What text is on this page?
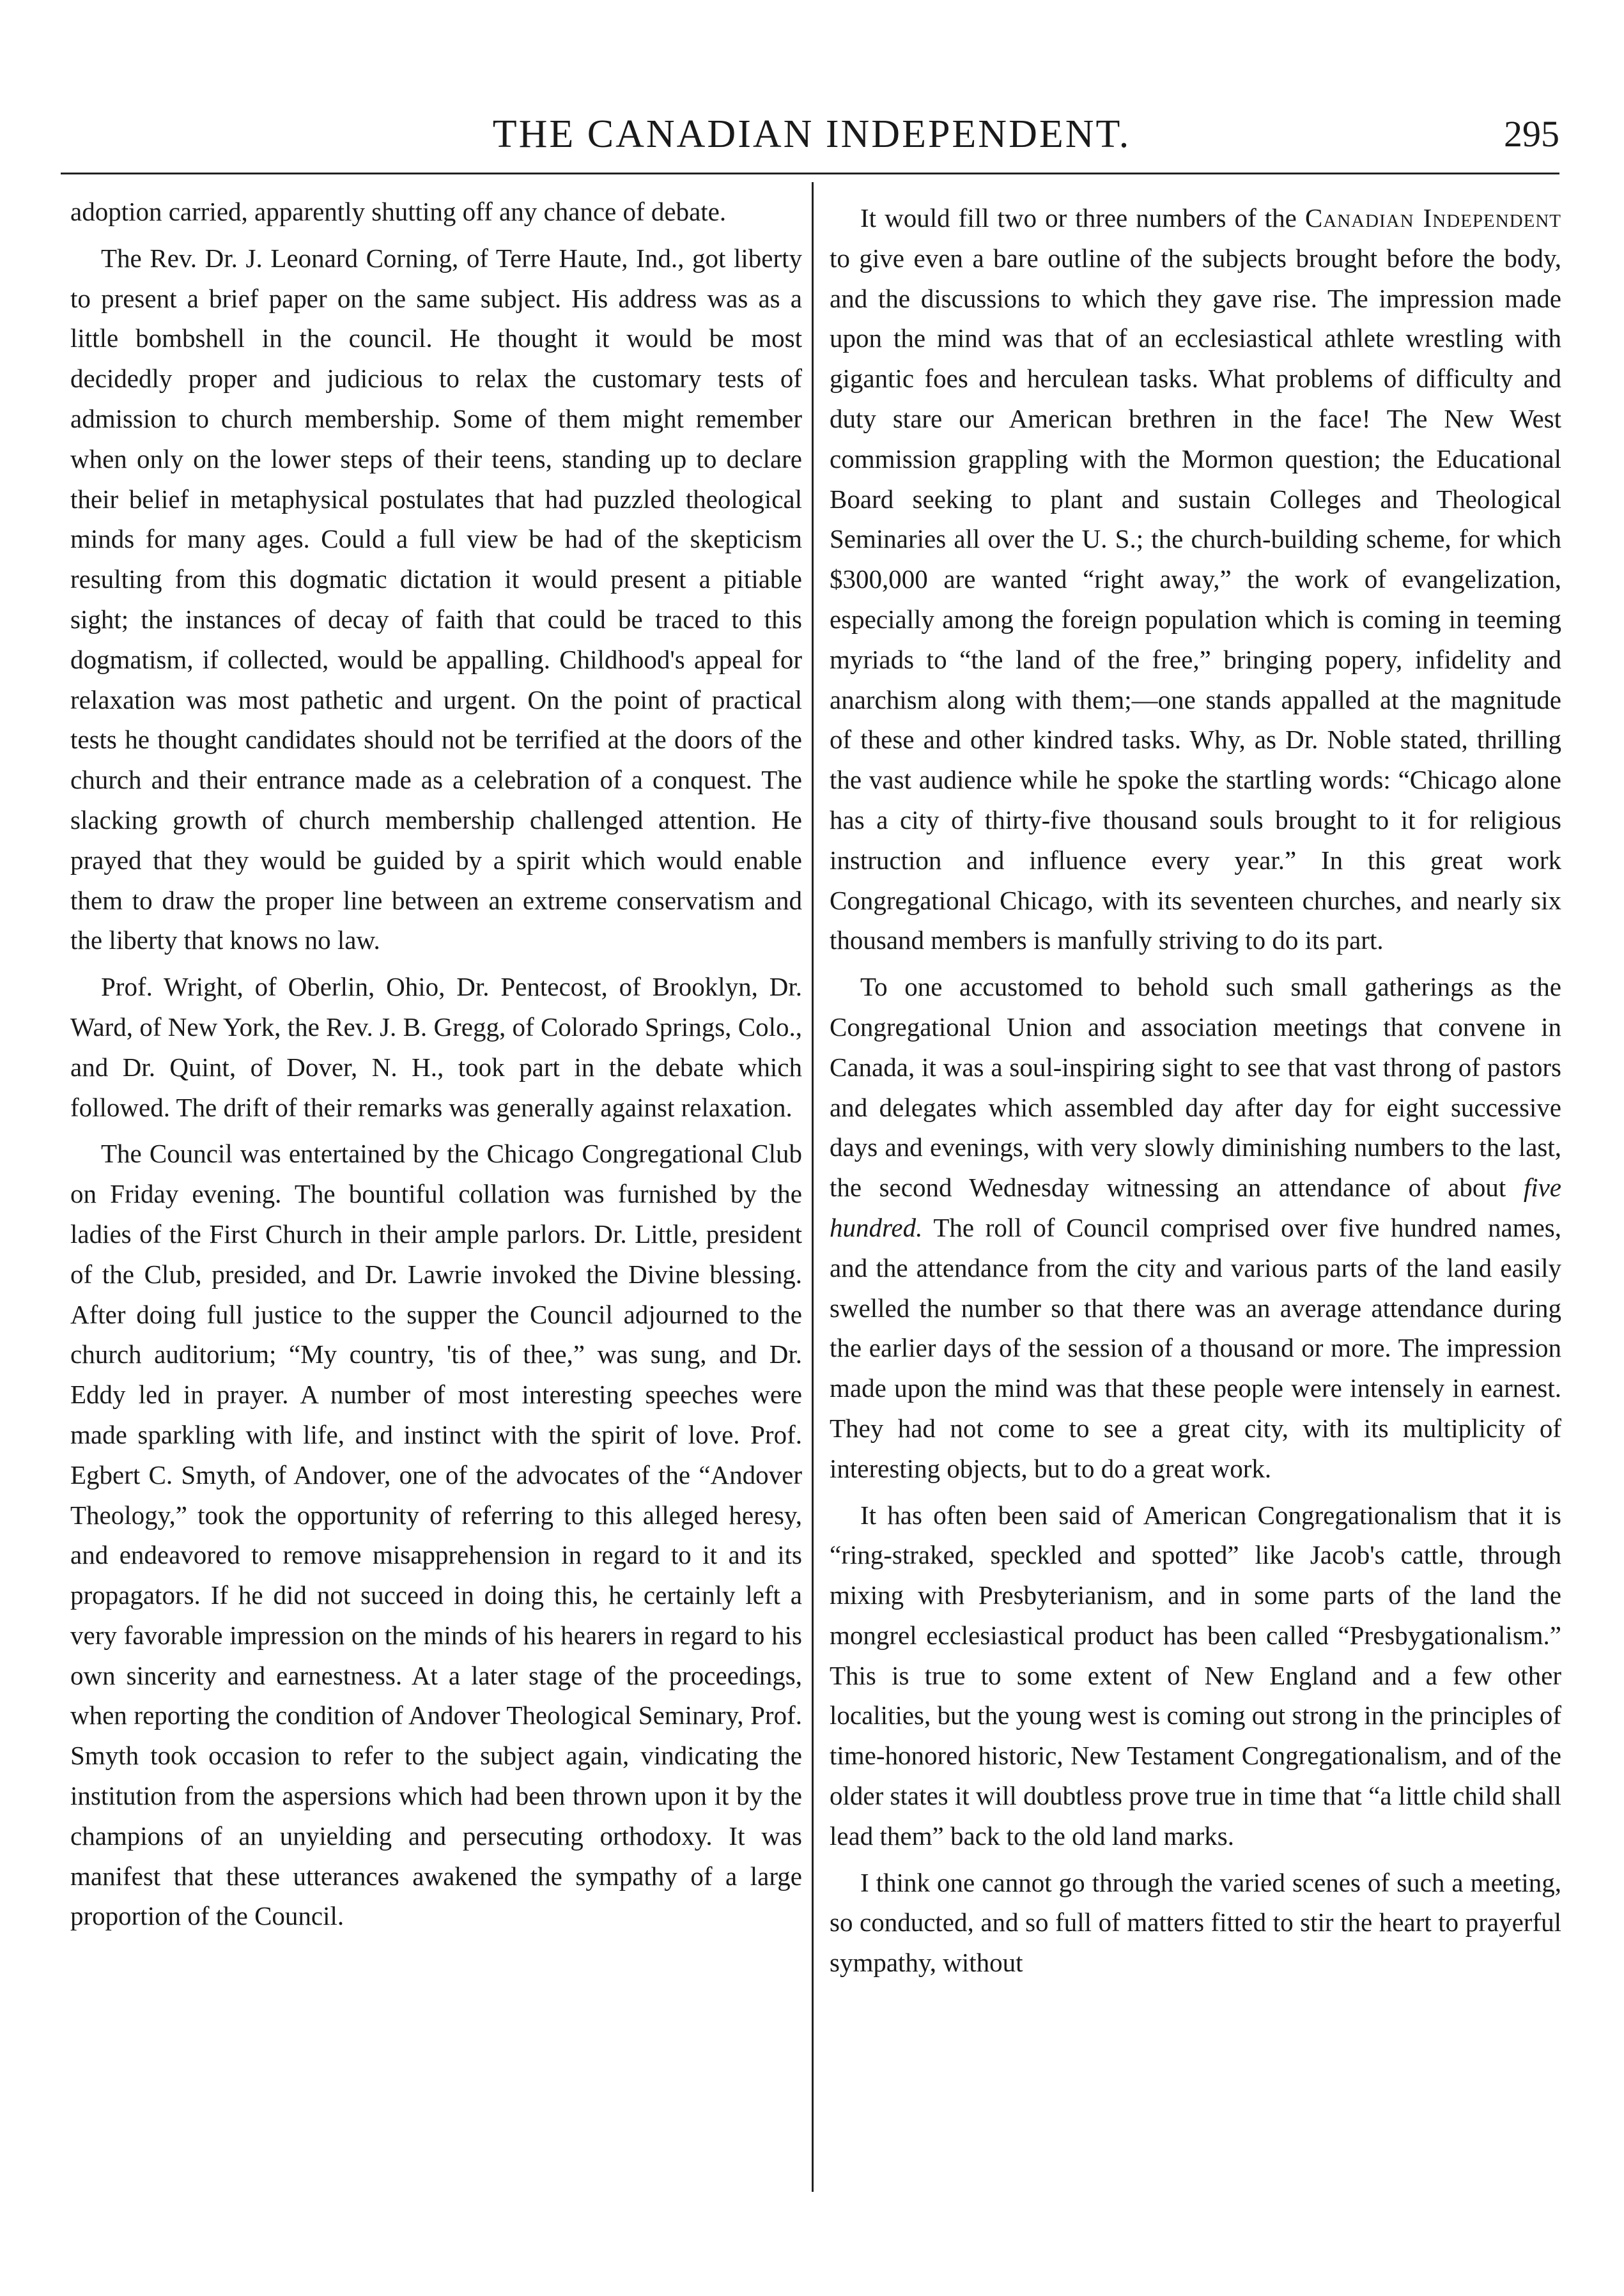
THE CANADIAN INDEPENDENT.	295

adoption carried, apparently shutting off any chance of debate.

The Rev. Dr. J. Leonard Corning, of Terre Haute, Ind., got liberty to present a brief paper on the same subject. His address was as a little bombshell in the council. He thought it would be most decidedly proper and judicious to relax the customary tests of admission to church membership. Some of them might remember when only on the lower steps of their teens, standing up to declare their belief in metaphysical postulates that had puzzled theological minds for many ages. Could a full view be had of the skepticism resulting from this dogmatic dictation it would present a pitiable sight; the instances of decay of faith that could be traced to this dogmatism, if collected, would be appalling. Childhood's appeal for relaxation was most pathetic and urgent. On the point of practical tests he thought candidates should not be terrified at the doors of the church and their entrance made as a celebration of a conquest. The slacking growth of church membership challenged attention. He prayed that they would be guided by a spirit which would enable them to draw the proper line between an extreme conservatism and the liberty that knows no law.

Prof. Wright, of Oberlin, Ohio, Dr. Pentecost, of Brooklyn, Dr. Ward, of New York, the Rev. J. B. Gregg, of Colorado Springs, Colo., and Dr. Quint, of Dover, N. H., took part in the debate which followed. The drift of their remarks was generally against relaxation.

The Council was entertained by the Chicago Congregational Club on Friday evening. The bountiful collation was furnished by the ladies of the First Church in their ample parlors. Dr. Little, president of the Club, presided, and Dr. Lawrie invoked the Divine blessing. After doing full justice to the supper the Council adjourned to the church auditorium; “My country, 'tis of thee,” was sung, and Dr. Eddy led in prayer. A number of most interesting speeches were made sparkling with life, and instinct with the spirit of love. Prof. Egbert C. Smyth, of Andover, one of the advocates of the “Andover Theology,” took the opportunity of referring to this alleged heresy, and endeavored to remove misapprehension in regard to it and its propagators. If he did not succeed in doing this, he certainly left a very favorable impression on the minds of his hearers in regard to his own sincerity and earnestness. At a later stage of the proceedings, when reporting the condition of Andover Theological Seminary, Prof. Smyth took occasion to refer to the subject again, vindicating the institution from the aspersions which had been thrown upon it by the champions of an unyielding and persecuting orthodoxy. It was manifest that these utterances awakened the sympathy of a large proportion of the Council.

It would fill two or three numbers of the Canadian Independent to give even a bare outline of the subjects brought before the body, and the discussions to which they gave rise. The impression made upon the mind was that of an ecclesiastical athlete wrestling with gigantic foes and herculean tasks. What problems of difficulty and duty stare our American brethren in the face! The New West commission grappling with the Mormon question; the Educational Board seeking to plant and sustain Colleges and Theological Seminaries all over the U. S.; the church-building scheme, for which $300,000 are wanted “right away,” the work of evangelization, especially among the foreign population which is coming in teeming myriads to “the land of the free,” bringing popery, infidelity and anarchism along with them;—one stands appalled at the magnitude of these and other kindred tasks. Why, as Dr. Noble stated, thrilling the vast audience while he spoke the startling words: “Chicago alone has a city of thirty-five thousand souls brought to it for religious instruction and influence every year.” In this great work Congregational Chicago, with its seventeen churches, and nearly six thousand members is manfully striving to do its part.

To one accustomed to behold such small gatherings as the Congregational Union and association meetings that convene in Canada, it was a soul-inspiring sight to see that vast throng of pastors and delegates which assembled day after day for eight successive days and evenings, with very slowly diminishing numbers to the last, the second Wednesday witnessing an attendance of about five hundred. The roll of Council comprised over five hundred names, and the attendance from the city and various parts of the land easily swelled the number so that there was an average attendance during the earlier days of the session of a thousand or more. The impression made upon the mind was that these people were intensely in earnest. They had not come to see a great city, with its multiplicity of interesting objects, but to do a great work.

It has often been said of American Congregationalism that it is “ring-straked, speckled and spotted” like Jacob's cattle, through mixing with Presbyterianism, and in some parts of the land the mongrel ecclesiastical product has been called “Presbygationalism.” This is true to some extent of New England and a few other localities, but the young west is coming out strong in the principles of time-honored historic, New Testament Congregationalism, and of the older states it will doubtless prove true in time that “a little child shall lead them” back to the old land marks.

I think one cannot go through the varied scenes of such a meeting, so conducted, and so full of matters fitted to stir the heart to prayerful sympathy, without
